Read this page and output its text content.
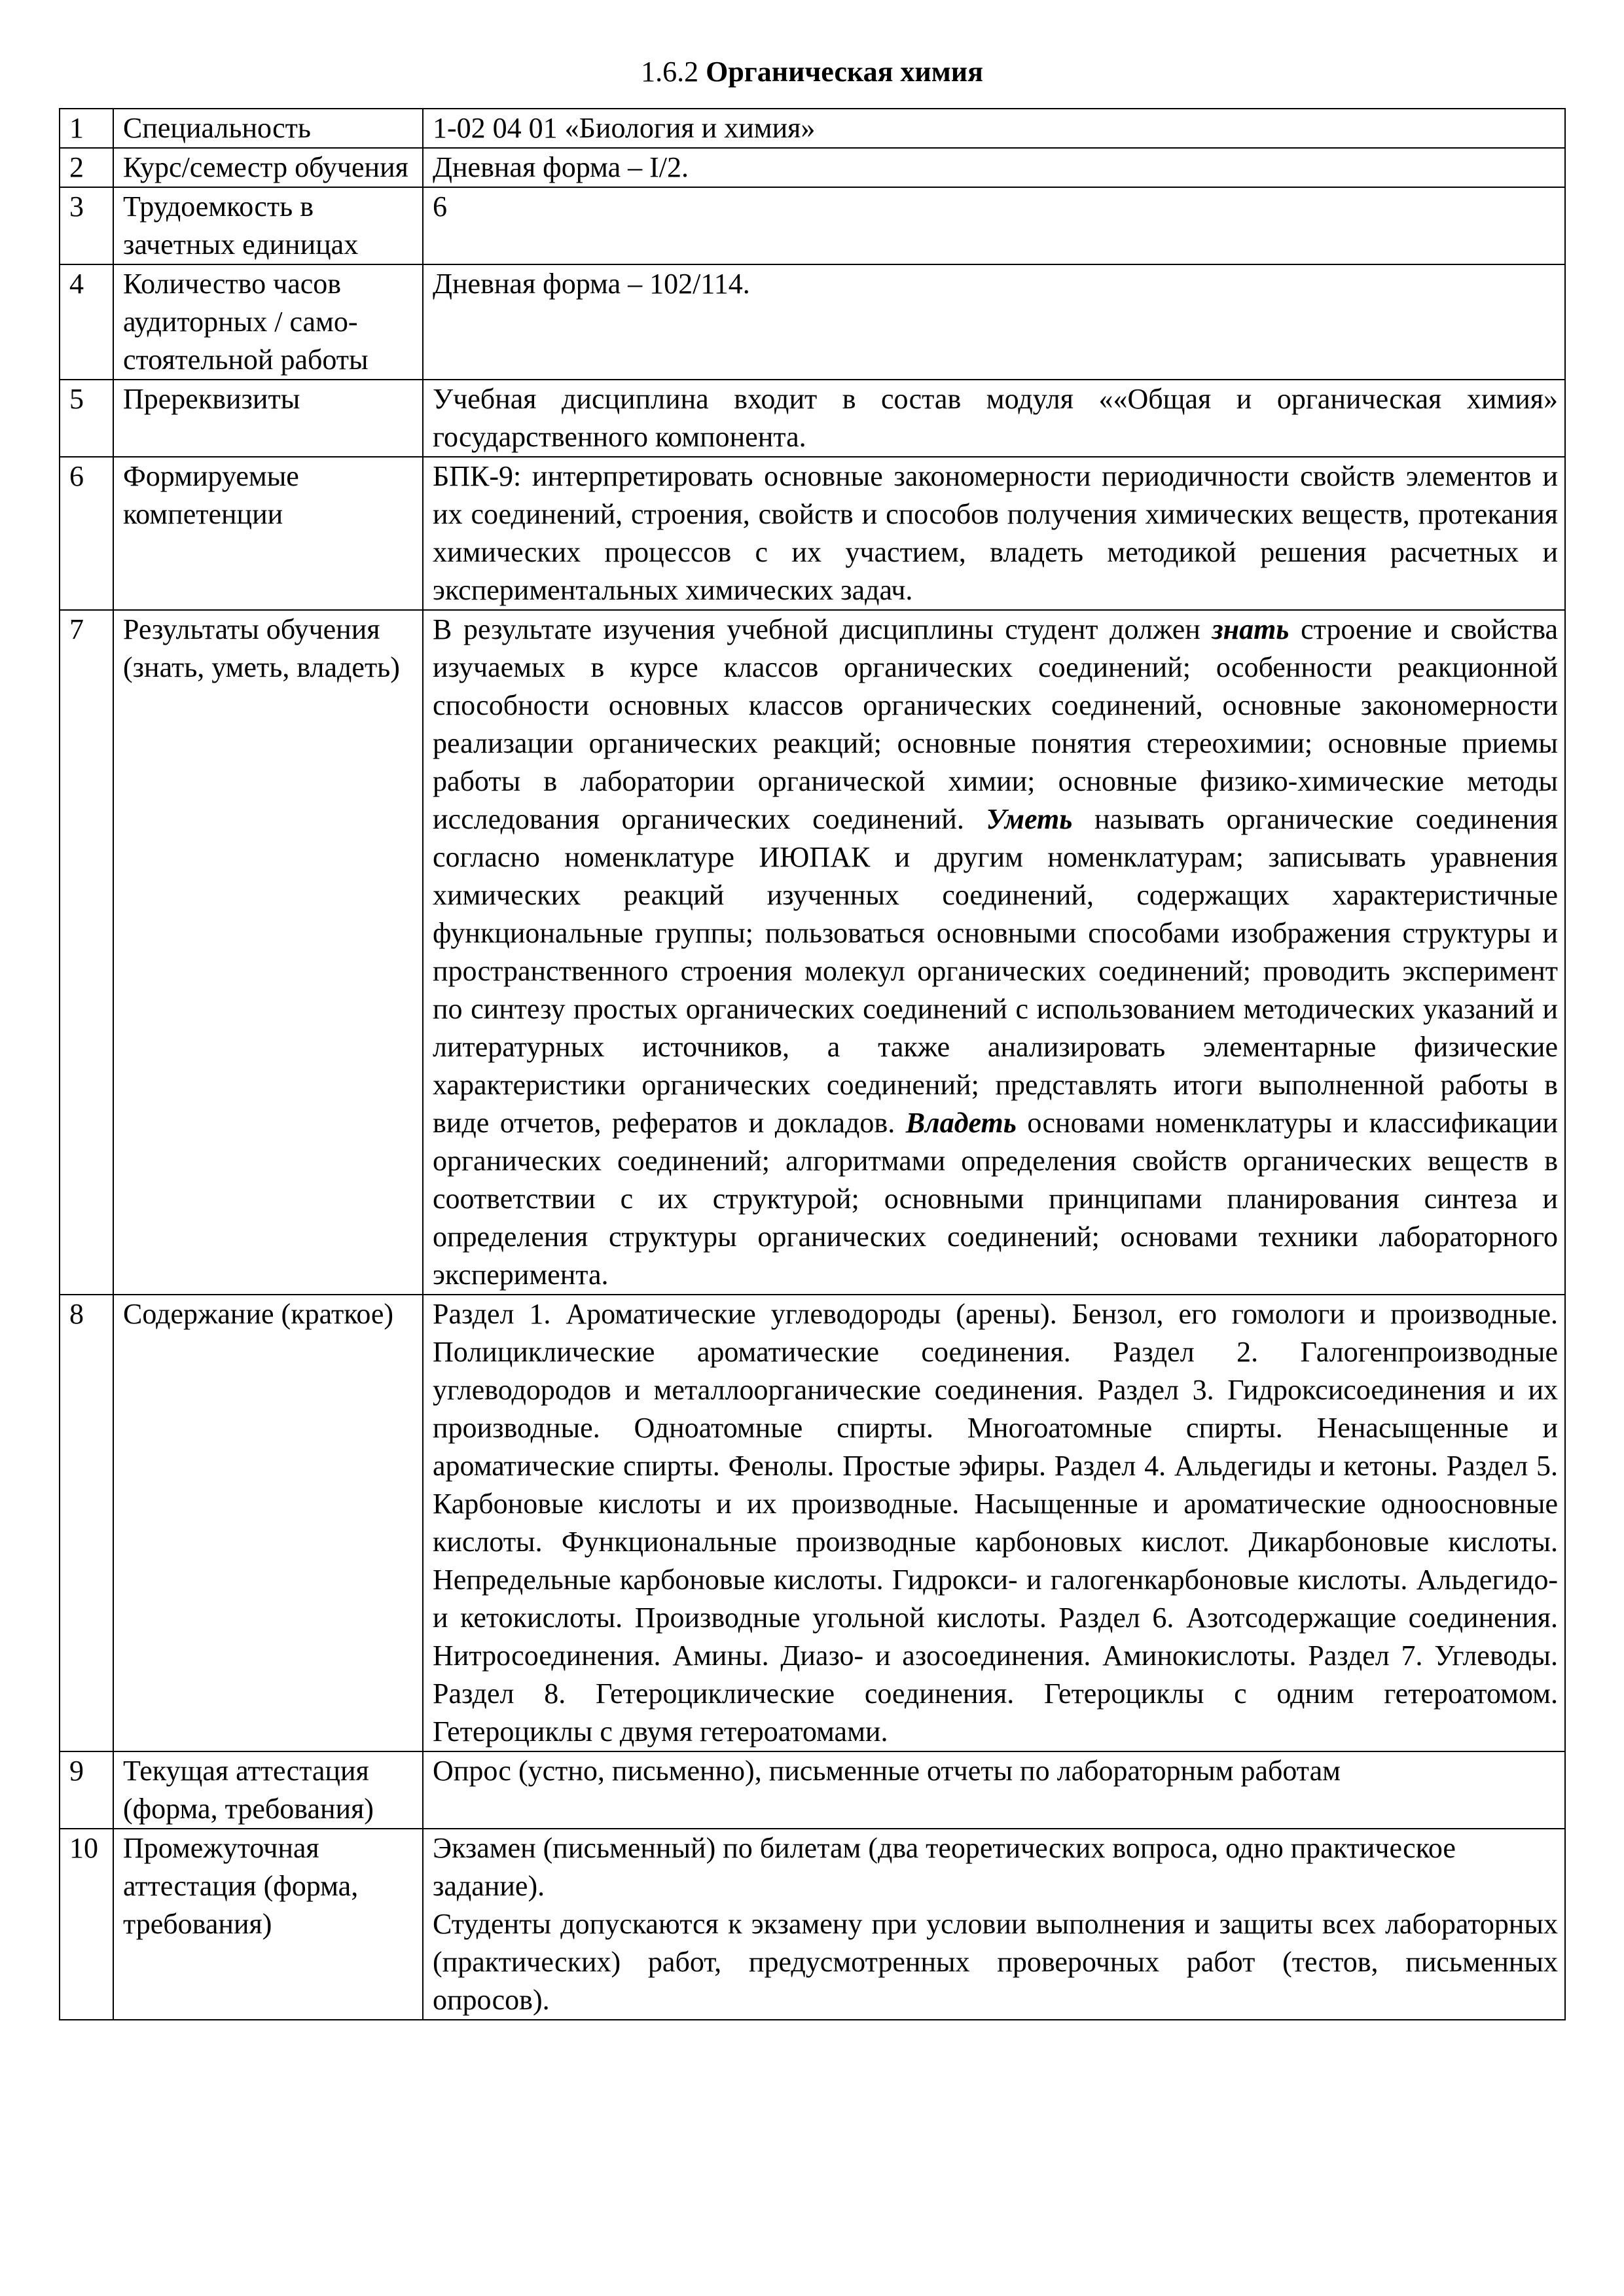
1.6.2 Органическая химия
1	Специальность	1-02 04 01 «Биология и химия»

2	Курс/семестр обучения	Дневная форма – I/2.

3	Трудоемкость в зачетных единицах	6

4	Количество часов аудиторных / само-стоятельной работы	Дневная форма – 102/114.

5	Пререквизиты	Учебная дисциплина входит в состав модуля ««Общая и органическая химия» государственного компонента.

6	Формируемые компетенции	БПК-9: интерпретировать основные закономерности периодичности свойств элементов и их соединений, строения, свойств и способов получения химических веществ, протекания химических процессов с их участием, владеть методикой решения расчетных и экспериментальных химических задач.

7	Результаты обучения (знать, уметь, владеть)	В результате изучения учебной дисциплины студент должен знать строение и свойства изучаемых в курсе классов органических соединений; особенности реакционной способности основных классов органических соединений, основные закономерности реализации органических реакций; основные понятия стереохимии; основные приемы работы в лаборатории органической химии; основные физико-химические методы исследования органических соединений. Уметь называть органические соединения согласно номенклатуре ИЮПАК и другим номенклатурам; записывать уравнения химических реакций изученных соединений, содержащих характеристичные функциональные группы; пользоваться основными способами изображения структуры и пространственного строения молекул органических соединений; проводить эксперимент по синтезу простых органических соединений с использованием методических указаний и литературных источников, а также анализировать элементарные физические характеристики органических соединений; представлять итоги выполненной работы в виде отчетов, рефератов и докладов. Владеть основами номенклатуры и классификации органических соединений; алгоритмами определения свойств органических веществ в соответствии с их структурой; основными принципами планирования синтеза и определения структуры органических соединений; основами техники лабораторного эксперимента.
8	Содержание (краткое)	Раздел 1. Ароматические углеводороды (арены). Бензол, его гомологи и производные. Полициклические ароматические соединения. Раздел 2. Галогенпроизводные углеводородов и металлоорганические соединения. Раздел 3. Гидроксисоединения и их производные. Одноатомные спирты. Многоатомные спирты. Ненасыщенные и ароматические спирты. Фенолы. Простые эфиры. Раздел 4. Альдегиды и кетоны. Раздел 5. Карбоновые кислоты и их производные. Насыщенные и ароматические одноосновные кислоты. Функциональные производные карбоновых кислот. Дикарбоновые кислоты. Непредельные карбоновые кислоты. Гидрокси- и галогенкарбоновые кислоты. Альдегидо- и кетокислоты. Производные угольной кислоты. Раздел 6. Азотсодержащие соединения. Нитросоединения. Амины. Диазо- и азосоединения. Аминокислоты. Раздел 7. Углеводы. Раздел 8. Гетероциклические соединения. Гетероциклы с одним гетероатомом. Гетероциклы с двумя гетероатомами.

9	Текущая аттестация (форма, требования)	Опрос (устно, письменно), письменные отчеты по лабораторным работам

10	Промежуточная аттестация (форма, требования)	Экзамен (письменный) по билетам (два теоретических вопроса, одно практическое задание).
Студенты допускаются к экзамену при условии выполнения и защиты всех лабораторных (практических) работ, предусмотренных проверочных работ (тестов, письменных опросов).
